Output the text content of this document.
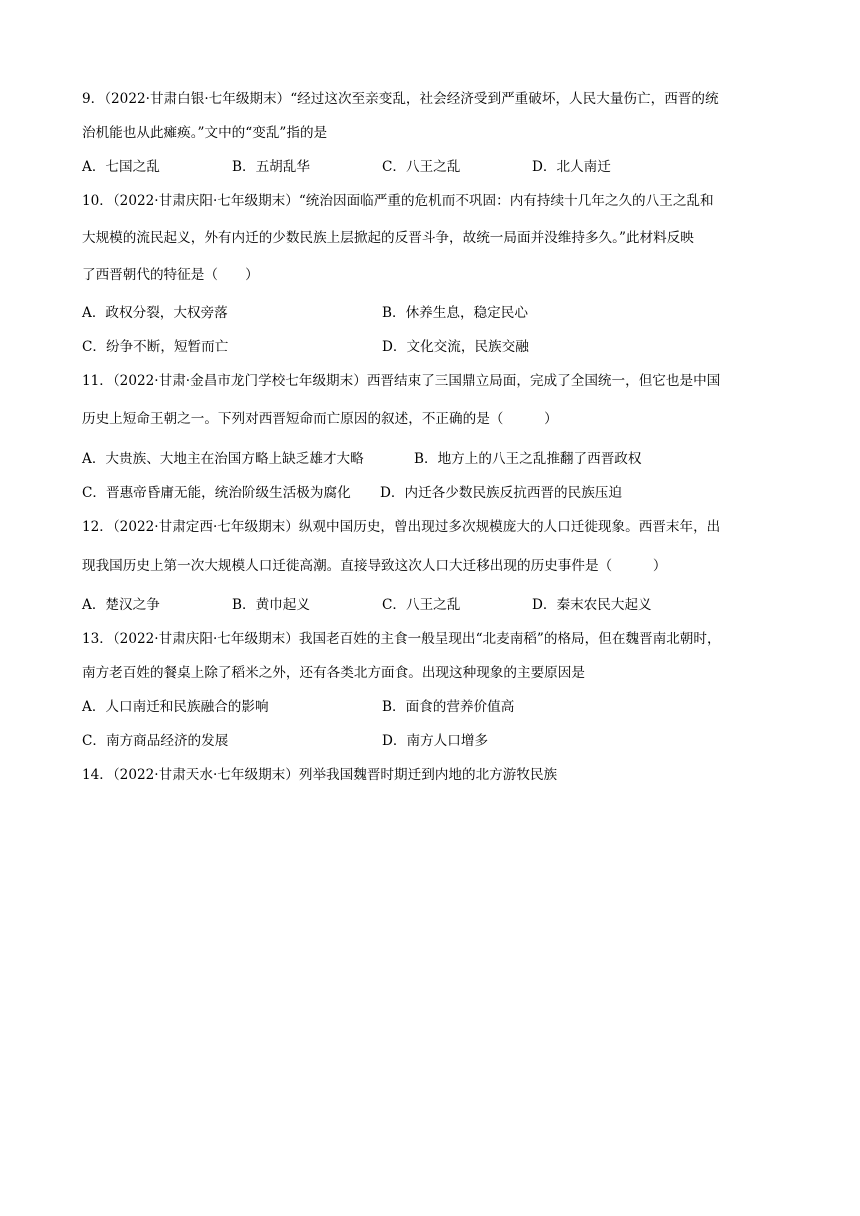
9．（2022·甘肃白银·七年级期末）“经过这次至亲变乱，社会经济受到严重破坏，人民大量伤亡，西晋的统
治机能也从此瘫痪。”文中的“变乱”指的是
A．七国之乱	B．五胡乱华	C．八王之乱	D．北人南迁
10．（2022·甘肃庆阳·七年级期末）“统治因面临严重的危机而不巩固：内有持续十几年之久的八王之乱和
大规模的流民起义，外有内迁的少数民族上层掀起的反晋斗争，故统一局面并没维持多久。”此材料反映
了西晋朝代的特征是（　　）
A．政权分裂，大权旁落	B．休养生息，稳定民心
C．纷争不断，短暂而亡	D．文化交流，民族交融
11．（2022·甘肃·金昌市龙门学校七年级期末）西晋结束了三国鼎立局面，完成了全国统一，但它也是中国
历史上短命王朝之一。下列对西晋短命而亡原因的叙述，不正确的是（　　　）
A．大贵族、大地主在治国方略上缺乏雄才大略	B．地方上的八王之乱推翻了西晋政权
C．晋惠帝昏庸无能，统治阶级生活极为腐化 D．内迁各少数民族反抗西晋的民族压迫
12．（2022·甘肃定西·七年级期末）纵观中国历史，曾出现过多次规模庞大的人口迁徙现象。西晋末年，出
现我国历史上第一次大规模人口迁徙高潮。直接导致这次人口大迁移出现的历史事件是（　　　）
A．楚汉之争	B．黄巾起义	C．八王之乱	D．秦末农民大起义
13．（2022·甘肃庆阳·七年级期末）我国老百姓的主食一般呈现出“北麦南稻”的格局，但在魏晋南北朝时，
南方老百姓的餐桌上除了稻米之外，还有各类北方面食。出现这种现象的主要原因是
A．人口南迁和民族融合的影响	B．面食的营养价值高
C．南方商品经济的发展	D．南方人口增多
14．（2022·甘肃天水·七年级期末）列举我国魏晋时期迁到内地的北方游牧民族
